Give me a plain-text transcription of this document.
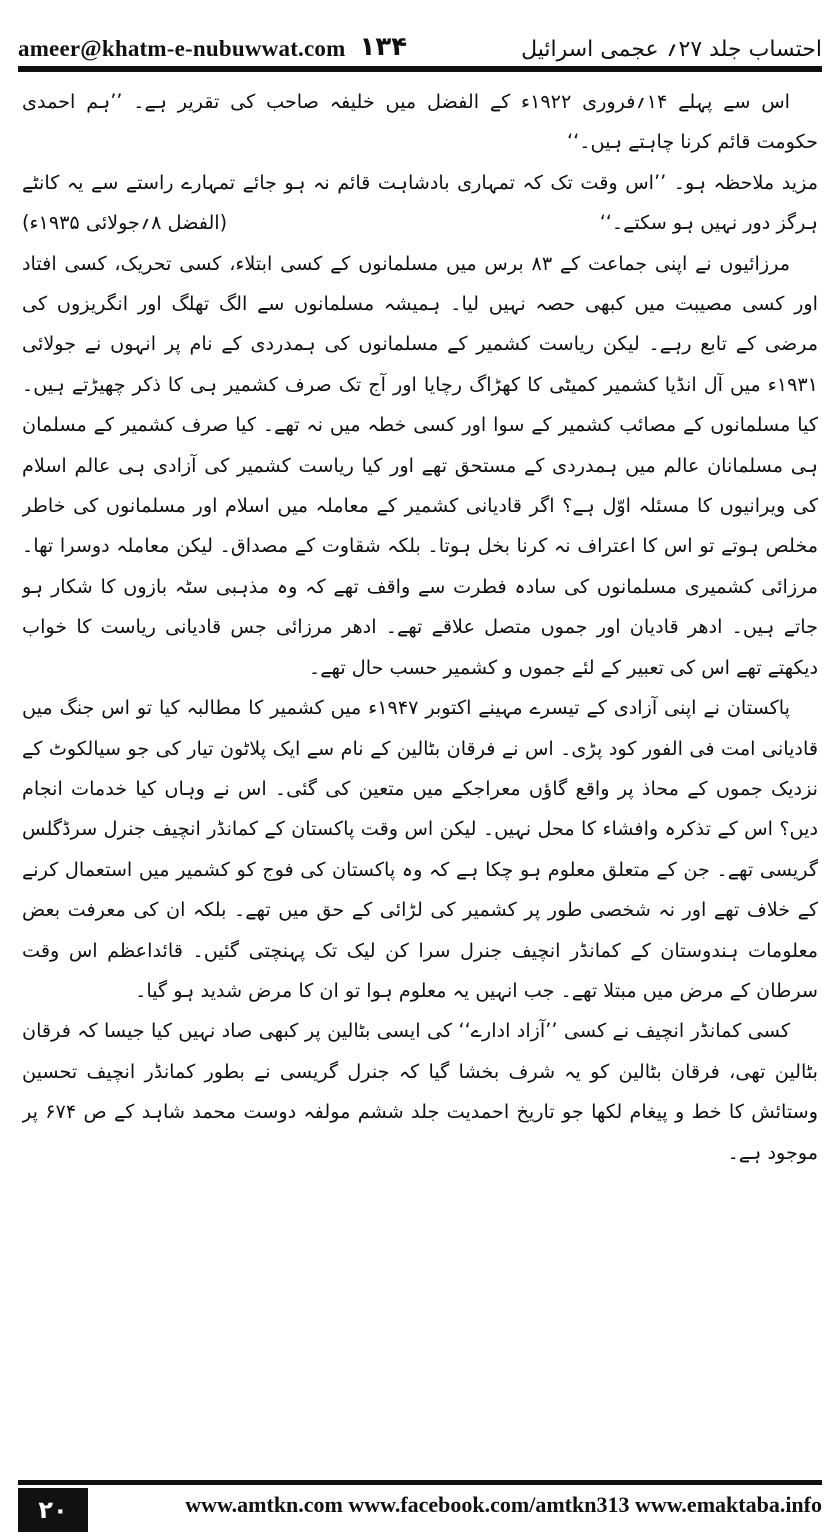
ameer@khatm-e-nubuwwat.com ۱۳۴	احتساب جلد ۲۷؍ عجمی اسرائیل

اس سے پہلے ۱۴؍فروری ۱۹۲۲ء کے الفضل میں خلیفہ صاحب کی تقریر ہے۔ ’’ہم احمدی حکومت قائم کرنا چاہتے ہیں۔‘‘

مزید ملاحظہ ہو۔ ’’اس وقت تک کہ تمہاری بادشاہت قائم نہ ہو جائے تمہارے راستے سے یہ کانٹے ہرگز دور نہیں ہو سکتے۔‘‘
(الفضل ۸؍جولائی ۱۹۳۵ء)

مرزائیوں نے اپنی جماعت کے ۸۳ برس میں مسلمانوں کے کسی ابتلاء، کسی تحریک، کسی افتاد اور کسی مصیبت میں کبھی حصہ نہیں لیا۔ ہمیشہ مسلمانوں سے الگ تھلگ اور انگریزوں کی مرضی کے تابع رہے۔ لیکن ریاست کشمیر کے مسلمانوں کی ہمدردی کے نام پر انہوں نے جولائی ۱۹۳۱ء میں آل انڈیا کشمیر کمیٹی کا کھڑاگ رچایا اور آج تک صرف کشمیر ہی کا ذکر چھیڑتے ہیں۔ کیا مسلمانوں کے مصائب کشمیر کے سوا اور کسی خطہ میں نہ تھے۔ کیا صرف کشمیر کے مسلمان ہی مسلمانان عالم میں ہمدردی کے مستحق تھے اور کیا ریاست کشمیر کی آزادی ہی عالم اسلام کی ویرانیوں کا مسئلہ اوّل ہے؟ اگر قادیانی کشمیر کے معاملہ میں اسلام اور مسلمانوں کی خاطر مخلص ہوتے تو اس کا اعتراف نہ کرنا بخل ہوتا۔ بلکہ شقاوت کے مصداق۔ لیکن معاملہ دوسرا تھا۔ مرزائی کشمیری مسلمانوں کی سادہ فطرت سے واقف تھے کہ وہ مذہبی سٹہ بازوں کا شکار ہو جاتے ہیں۔ ادھر قادیان اور جموں متصل علاقے تھے۔ ادھر مرزائی جس قادیانی ریاست کا خواب دیکھتے تھے اس کی تعبیر کے لئے جموں و کشمیر حسب حال تھے۔

پاکستان نے اپنی آزادی کے تیسرے مہینے اکتوبر ۱۹۴۷ء میں کشمیر کا مطالبہ کیا تو اس جنگ میں قادیانی امت فی الفور کود پڑی۔ اس نے فرقان بٹالین کے نام سے ایک پلاٹون تیار کی جو سیالکوٹ کے نزدیک جموں کے محاذ پر واقع گاؤں معراجکے میں متعین کی گئی۔ اس نے وہاں کیا خدمات انجام دیں؟ اس کے تذکرہ وافشاء کا محل نہیں۔ لیکن اس وقت پاکستان کے کمانڈر انچیف جنرل سرڈگلس گریسی تھے۔ جن کے متعلق معلوم ہو چکا ہے کہ وہ پاکستان کی فوج کو کشمیر میں استعمال کرنے کے خلاف تھے اور نہ شخصی طور پر کشمیر کی لڑائی کے حق میں تھے۔ بلکہ ان کی معرفت بعض معلومات ہندوستان کے کمانڈر انچیف جنرل سرا کن لیک تک پہنچتی گئیں۔ قائداعظم اس وقت سرطان کے مرض میں مبتلا تھے۔ جب انہیں یہ معلوم ہوا تو ان کا مرض شدید ہو گیا۔

کسی کمانڈر انچیف نے کسی ’’آزاد ادارے‘‘ کی ایسی بٹالین پر کبھی صاد نہیں کیا جیسا کہ فرقان بٹالین تھی، فرقان بٹالین کو یہ شرف بخشا گیا کہ جنرل گریسی نے بطور کمانڈر انچیف تحسین وستائش کا خط و پیغام لکھا جو تاریخ احمدیت جلد ششم مولفہ دوست محمد شاہد کے ص ۶۷۴ پر موجود ہے۔

۲۰	www.amtkn.com www.facebook.com/amtkn313 www.emaktaba.info
